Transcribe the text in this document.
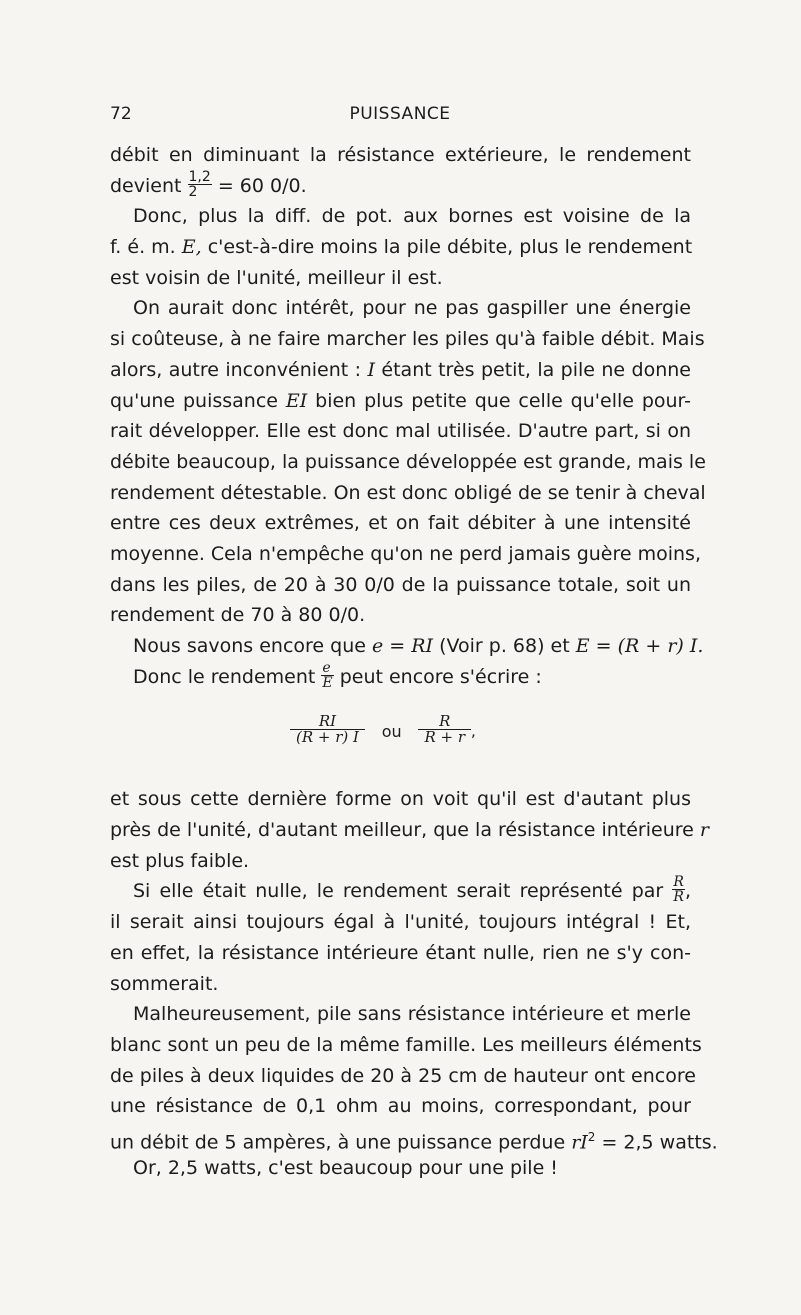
72	PUISSANCE
débit en diminuant la résistance extérieure, le rendement
devient $\frac{1,2}{2} = 60$ 0/0.
Donc, plus la diff. de pot. aux bornes est voisine de la
f. é. m. E, c'est-à-dire moins la pile débite, plus le rendement
est voisin de l'unité, meilleur il est.
On aurait donc intérêt, pour ne pas gaspiller une énergie
si coûteuse, à ne faire marcher les piles qu'à faible débit. Mais
alors, autre inconvénient : I étant très petit, la pile ne donne
qu'une puissance EI bien plus petite que celle qu'elle pour-
rait développer. Elle est donc mal utilisée. D'autre part, si on
débite beaucoup, la puissance développée est grande, mais le
rendement détestable. On est donc obligé de se tenir à cheval
entre ces deux extrêmes, et on fait débiter à une intensité
moyenne. Cela n'empêche qu'on ne perd jamais guère moins,
dans les piles, de 20 à 30 0/0 de la puissance totale, soit un
rendement de 70 à 80 0/0.
Nous savons encore que e = RI (Voir p. 68) et E = (R + r) I.
Donc le rendement $\frac{e}{E}$ peut encore s'écrire :
$\frac{RI}{(R + r) I}$ ou $\frac{R}{R + r}$ ,
et sous cette dernière forme on voit qu'il est d'autant plus
près de l'unité, d'autant meilleur, que la résistance intérieure r
est plus faible.
Si elle était nulle, le rendement serait représenté par $\frac{R}{R}$ ,
il serait ainsi toujours égal à l'unité, toujours intégral ! Et,
en effet, la résistance intérieure étant nulle, rien ne s'y con-
sommerait.
Malheureusement, pile sans résistance intérieure et merle
blanc sont un peu de la même famille. Les meilleurs éléments
de piles à deux liquides de 20 à 25 cm de hauteur ont encore
une résistance de 0,1 ohm au moins, correspondant, pour
un débit de 5 ampères, à une puissance perdue $rI^2 = 2,5$ watts.
Or, 2,5 watts, c'est beaucoup pour une pile !
